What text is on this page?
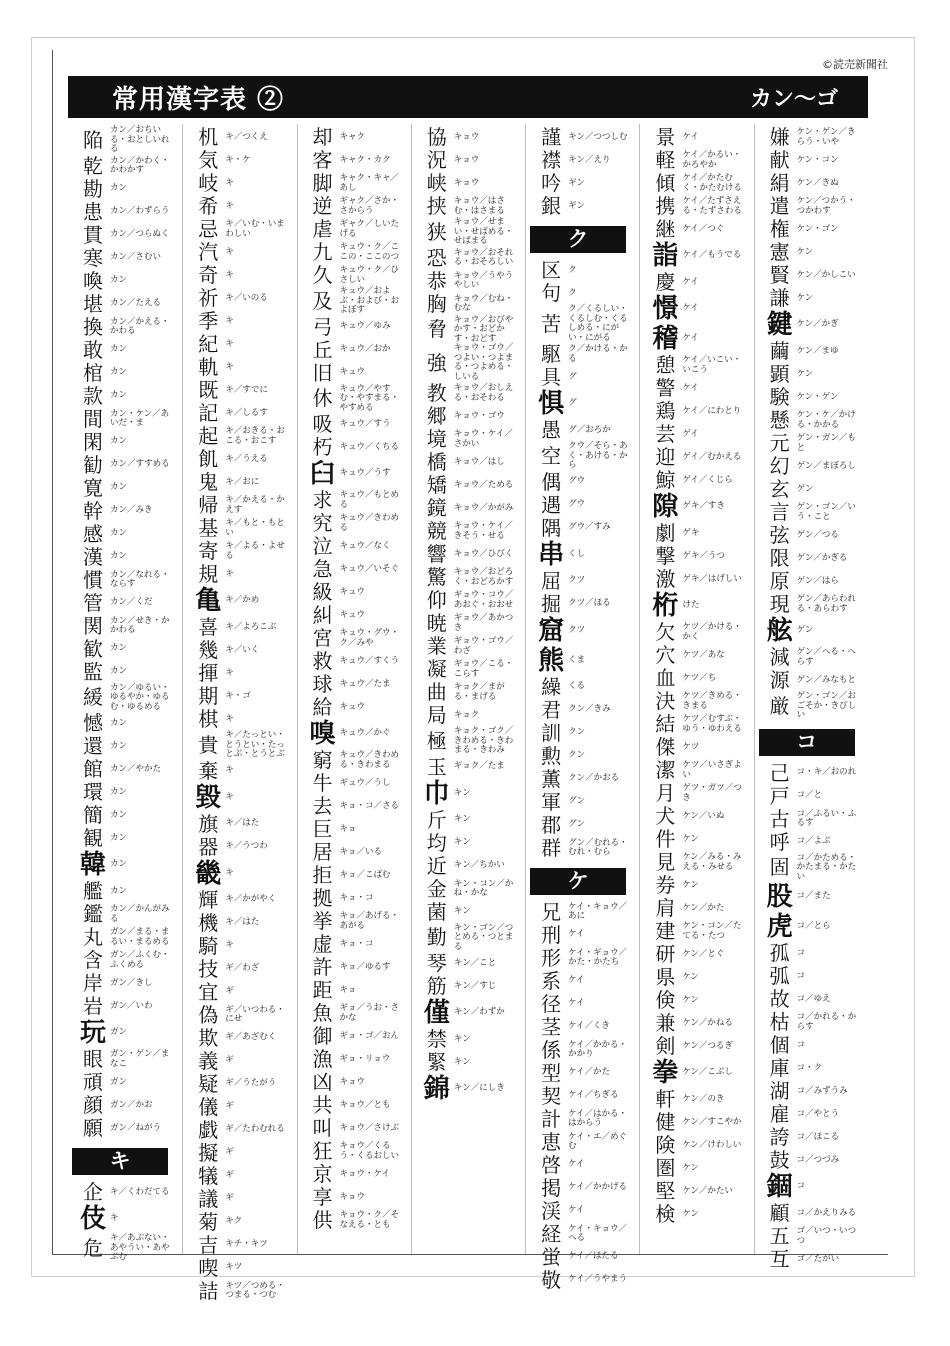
©読売新聞社
常用漢字表 ②	カン〜ゴ
陥 カン／おちいる・おとしいれる
乾 カン／かわく・かわかす
勘 カン
患 カン／わずらう
貫 カン／つらぬく
寒 カン／さむい
喚 カン
堪 カン／たえる
換 カン／かえる・かわる
敢 カン
棺 カン
款 カン
間 カン・ケン／あいだ・ま
閑 カン
勧 カン／すすめる
寛 カン
幹 カン／みき
感 カン
漢 カン
慣 カン／なれる・ならす
管 カン／くだ
関 カン／せき・かかわる
歓 カン
監 カン
緩 カン／ゆるい・ゆるやか・ゆるむ・ゆるめる
憾 カン
還 カン
館 カン／やかた
環 カン
簡 カン
観 カン
韓 カン
艦 カン
鑑 カン／かんがみる
丸 ガン／まる・まるい・まるめる
含 ガン／ふくむ・ふくめる
岸 ガン／きし
岩 ガン／いわ
玩 ガン
眼 ガン・ゲン／まなこ
頑 ガン
顔 ガン／かお
願 ガン／ねがう
キ
企 キ／くわだてる
伎 キ
危 キ／あぶない・あやうい・あやぶむ
机 キ／つくえ
気 キ・ケ
岐 キ
希 キ
忌 キ／いむ・いまわしい
汽 キ
奇 キ
祈 キ／いのる
季 キ
紀 キ
軌 キ
既 キ／すでに
記 キ／しるす
起 キ／おきる・おこる・おこす
飢 キ／うえる
鬼 キ／おに
帰 キ／かえる・かえす
基 キ／もと・もとい
寄 キ／よる・よせる
規 キ
亀 キ／かめ
喜 キ／よろこぶ
幾 キ／いく
揮 キ
期 キ・ゴ
棋 キ
貴 キ／たっとい・とうとい・たっとぶ・とうとぶ
棄 キ
毀 キ
旗 キ／はた
器 キ／うつわ
畿 キ
輝 キ／かがやく
機 キ／はた
騎 キ
技 ギ／わざ
宜 ギ
偽 ギ／いつわる・にせ
欺 ギ／あざむく
義 ギ
疑 ギ／うたがう
儀 ギ
戯 ギ／たわむれる
擬 ギ
犠 ギ
議 ギ
菊 キク
吉 キチ・キツ
喫 キツ
詰 キツ／つめる・つまる・つむ
却 キャク
客 キャク・カク
脚 キャク・キャ／あし
逆 ギャク／さか・さからう
虐 ギャク／しいたげる
九 キュウ・ク／ここの・ここのつ
久 キュウ・ク／ひさしい
及 キュウ／およぶ・および・およぼす
弓 キュウ／ゆみ
丘 キュウ／おか
旧 キュウ
休 キュウ／やすむ・やすまる・やすめる
吸 キュウ／すう
朽 キュウ／くちる
臼 キュウ／うす
求 キュウ／もとめる
究 キュウ／きわめる
泣 キュウ／なく
急 キュウ／いそぐ
級 キュウ
糾 キュウ
宮 キュウ・グウ・ク／みや
救 キュウ／すくう
球 キュウ／たま
給 キュウ
嗅 キュウ／かぐ
窮 キュウ／きわめる・きわまる
牛 ギュウ／うし
去 キョ・コ／さる
巨 キョ
居 キョ／いる
拒 キョ／こばむ
拠 キョ・コ
挙 キョ／あげる・あがる
虚 キョ・コ
許 キョ／ゆるす
距 キョ
魚 ギョ／うお・さかな
御 ギョ・ゴ／おん
漁 ギョ・リョウ
凶 キョウ
共 キョウ／とも
叫 キョウ／さけぶ
狂 キョウ／くるう・くるおしい
京 キョウ・ケイ
享 キョウ
供 キョウ・ク／そなえる・とも
協 キョウ
況 キョウ
峡 キョウ
挟 キョウ／はさむ・はさまる
狭 キョウ／せまい・せばめる・せばまる
恐 キョウ／おそれる・おそろしい
恭 キョウ／うやうやしい
胸 キョウ／むね・むな
脅 キョウ／おびやかす・おどかす・おどす
強
キョウ・ゴウ／つよい・つよまる・つよめる・しいる
教 キョウ／おしえる・おそわる
郷 キョウ・ゴウ
境 キョウ・ケイ／さかい
橋 キョウ／はし
矯 キョウ／ためる
鏡 キョウ／かがみ
競 キョウ・ケイ／きそう・せる
響 キョウ／ひびく
驚 キョウ／おどろく・おどろかす
仰 ギョウ・コウ／あおぐ・おおせ
暁 ギョウ／あかつき
業 ギョウ・ゴウ／わざ
凝 ギョウ／こる・こらす
曲 キョク／まがる・まげる
局 キョク
極 キョク・ゴク／きわめる・きわまる・きわみ
玉 ギョク／たま
巾 キン
斤 キン
均 キン
近 キン／ちかい
金 キン・コン／かね・かな
菌 キン
勤 キン・ゴン／つとめる・つとまる
琴 キン／こと
筋 キン／すじ
僅 キン／わずか
禁 キン
緊 キン
錦 キン／にしき
謹 キン／つつしむ
襟 キン／えり
吟 ギン
銀 ギン
ク
区 ク
句 ク
苦
ク／くるしい・くるしむ・くるしめる・にがい・にがる
駆 ク／かける・かる
具 グ
惧 グ
愚 グ／おろか
空 クウ／そら・あく・あける・から
偶 グウ
遇 グウ
隅 グウ／すみ
串 くし
屈 クツ
掘 クツ／ほる
窟 クツ
熊 くま
繰 くる
君 クン／きみ
訓 クン
勲 クン
薫 クン／かおる
軍 グン
郡 グン
群 グン／むれる・むれ・むら
ケ
兄 ケイ・キョウ／あに
刑 ケイ
形 ケイ・ギョウ／かた・かたち
系 ケイ
径 ケイ
茎 ケイ／くき
係 ケイ／かかる・かかり
型 ケイ／かた
契 ケイ／ちぎる
計 ケイ／はかる・はからう
恵 ケイ・エ／めぐむ
啓 ケイ
掲 ケイ／かかげる
渓 ケイ
経 ケイ・キョウ／へる
蛍 ケイ／ほたる
敬 ケイ／うやまう
景 ケイ
軽 ケイ／かるい・かろやか
傾 ケイ／かたむく・かたむける
携 ケイ／たずさえる・たずさわる
継 ケイ／つぐ
詣 ケイ／もうでる
慶 ケイ
憬 ケイ
稽 ケイ
憩 ケイ／いこい・いこう
警 ケイ
鶏 ケイ／にわとり
芸 ゲイ
迎 ゲイ／むかえる
鯨 ゲイ／くじら
隙 ゲキ／すき
劇 ゲキ
撃 ゲキ／うつ
激 ゲキ／はげしい
桁 けた
欠 ケツ／かける・かく
穴 ケツ／あな
血 ケツ／ち
決 ケツ／きめる・きまる
結 ケツ／むすぶ・ゆう・ゆわえる
傑 ケツ
潔 ケツ／いさぎよい
月 ゲツ・ガツ／つき
犬 ケン／いぬ
件 ケン
見 ケン／みる・みえる・みせる
券 ケン
肩 ケン／かた
建 ケン・コン／たてる・たつ
研 ケン／とぐ
県 ケン
倹 ケン
兼 ケン／かねる
剣 ケン／つるぎ
拳 ケン／こぶし
軒 ケン／のき
健 ケン／すこやか
険 ケン／けわしい
圏 ケン
堅 ケン／かたい
検 ケン
嫌 ケン・ゲン／きらう・いや
献 ケン・コン
絹 ケン／きぬ
遣 ケン／つかう・つかわす
権 ケン・ゴン
憲 ケン
賢 ケン／かしこい
謙 ケン
鍵 ケン／かぎ
繭 ケン／まゆ
顕 ケン
験 ケン・ゲン
懸 ケン・ケ／かける・かかる
元 ゲン・ガン／もと
幻 ゲン／まぼろし
玄 ゲン
言 ゲン・ゴン／いう・こと
弦 ゲン／つる
限 ゲン／かぎる
原 ゲン／はら
現 ゲン／あらわれる・あらわす
舷 ゲン
減 ゲン／へる・へらす
源 ゲン／みなもと
厳 ゲン・ゴン／おごそか・きびしい
コ
己 コ・キ／おのれ
戸 コ／と
古 コ／ふるい・ふるす
呼 コ／よぶ
固 コ／かためる・かたまる・かたい
股 コ／また
虎 コ／とら
孤 コ
弧 コ
故 コ／ゆえ
枯 コ／かれる・からす
個 コ
庫 コ・ク
湖 コ／みずうみ
雇 コ／やとう
誇 コ／ほこる
鼓 コ／つづみ
錮 コ
顧 コ／かえりみる
五 ゴ／いつ・いつつ
互 ゴ／たがい
